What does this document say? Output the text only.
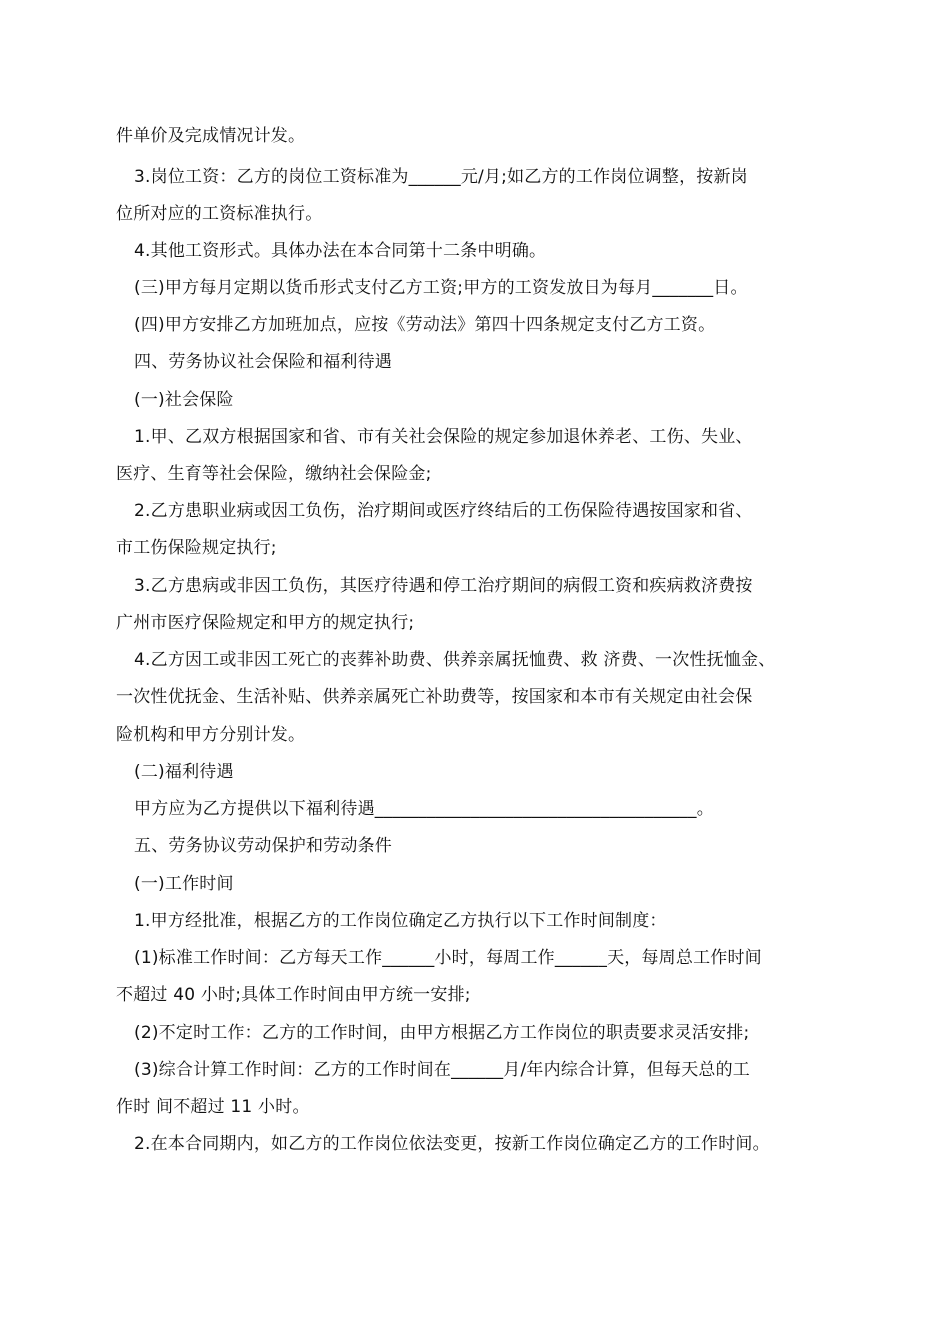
件单价及完成情况计发。
3.岗位工资：乙方的岗位工资标准为______元/月;如乙方的工作岗位调整，按新岗
位所对应的工资标准执行。
4.其他工资形式。具体办法在本合同第十二条中明确。
(三)甲方每月定期以货币形式支付乙方工资;甲方的工资发放日为每月_______日。
(四)甲方安排乙方加班加点，应按《劳动法》第四十四条规定支付乙方工资。
四、劳务协议社会保险和福利待遇
(一)社会保险
1.甲、乙双方根据国家和省、市有关社会保险的规定参加退休养老、工伤、失业、
医疗、生育等社会保险，缴纳社会保险金;
2.乙方患职业病或因工负伤，治疗期间或医疗终结后的工伤保险待遇按国家和省、
市工伤保险规定执行;
3.乙方患病或非因工负伤，其医疗待遇和停工治疗期间的病假工资和疾病救济费按
广州市医疗保险规定和甲方的规定执行;
4.乙方因工或非因工死亡的丧葬补助费、供养亲属抚恤费、救 济费、一次性抚恤金、
一次性优抚金、生活补贴、供养亲属死亡补助费等，按国家和本市有关规定由社会保
险机构和甲方分别计发。
(二)福利待遇
甲方应为乙方提供以下福利待遇_____________________________________。
五、劳务协议劳动保护和劳动条件
(一)工作时间
1.甲方经批准，根据乙方的工作岗位确定乙方执行以下工作时间制度：
(1)标准工作时间：乙方每天工作______小时，每周工作______天，每周总工作时间
不超过 40 小时;具体工作时间由甲方统一安排;
(2)不定时工作：乙方的工作时间，由甲方根据乙方工作岗位的职责要求灵活安排;
(3)综合计算工作时间：乙方的工作时间在______月/年内综合计算，但每天总的工
作时 间不超过 11 小时。
2.在本合同期内，如乙方的工作岗位依法变更，按新工作岗位确定乙方的工作时间。
